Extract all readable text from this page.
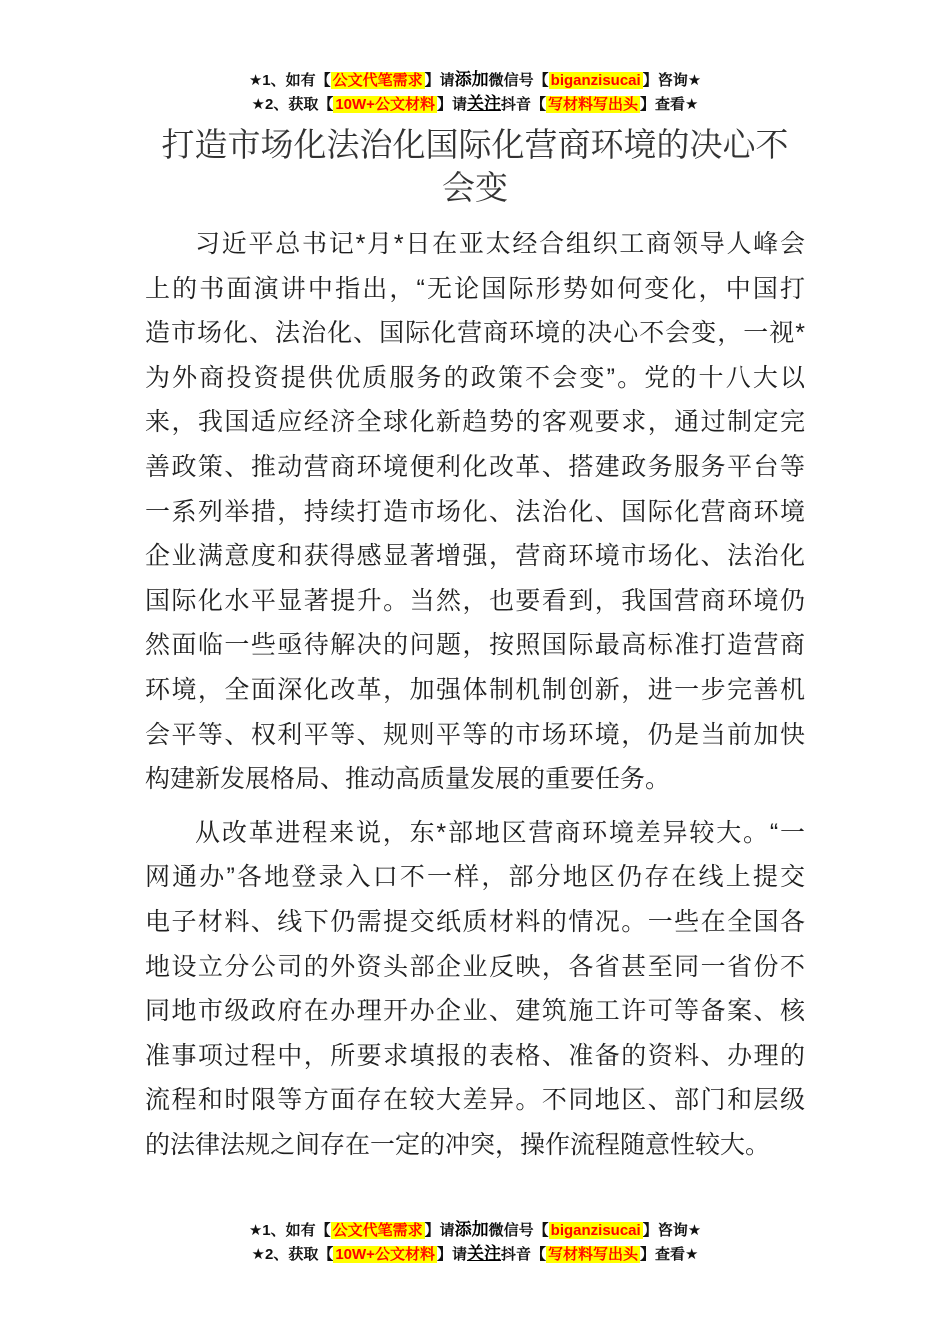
★1、如有【 公文代笔需求 】请添加微信号【 biganzisucai 】咨询★
★2、获取【 10W+公文材料 】请关注抖音【 写材料写出头 】查看★
打造市场化法治化国际化营商环境的决心不
会变
习近平总书记*月*日在亚太经合组织工商领导人峰会
上的书面演讲中指出，“无论国际形势如何变化，中国打
造市场化、法治化、国际化营商环境的决心不会变，一视*
为外商投资提供优质服务的政策不会变”。党的十八大以
来，我国适应经济全球化新趋势的客观要求，通过制定完
善政策、推动营商环境便利化改革、搭建政务服务平台等
一系列举措，持续打造市场化、法治化、国际化营商环境
企业满意度和获得感显著增强，营商环境市场化、法治化
国际化水平显著提升。当然，也要看到，我国营商环境仍
然面临一些亟待解决的问题，按照国际最高标准打造营商
环境，全面深化改革，加强体制机制创新，进一步完善机
会平等、权利平等、规则平等的市场环境，仍是当前加快
构建新发展格局、推动高质量发展的重要任务。
从改革进程来说，东*部地区营商环境差异较大。“一
网通办”各地登录入口不一样，部分地区仍存在线上提交
电子材料、线下仍需提交纸质材料的情况。一些在全国各
地设立分公司的外资头部企业反映，各省甚至同一省份不
同地市级政府在办理开办企业、建筑施工许可等备案、核
准事项过程中，所要求填报的表格、准备的资料、办理的
流程和时限等方面存在较大差异。不同地区、部门和层级
的法律法规之间存在一定的冲突，操作流程随意性较大。
★1、如有【 公文代笔需求 】请添加微信号【 biganzisucai 】咨询★
★2、获取【 10W+公文材料 】请关注抖音【 写材料写出头 】查看★
